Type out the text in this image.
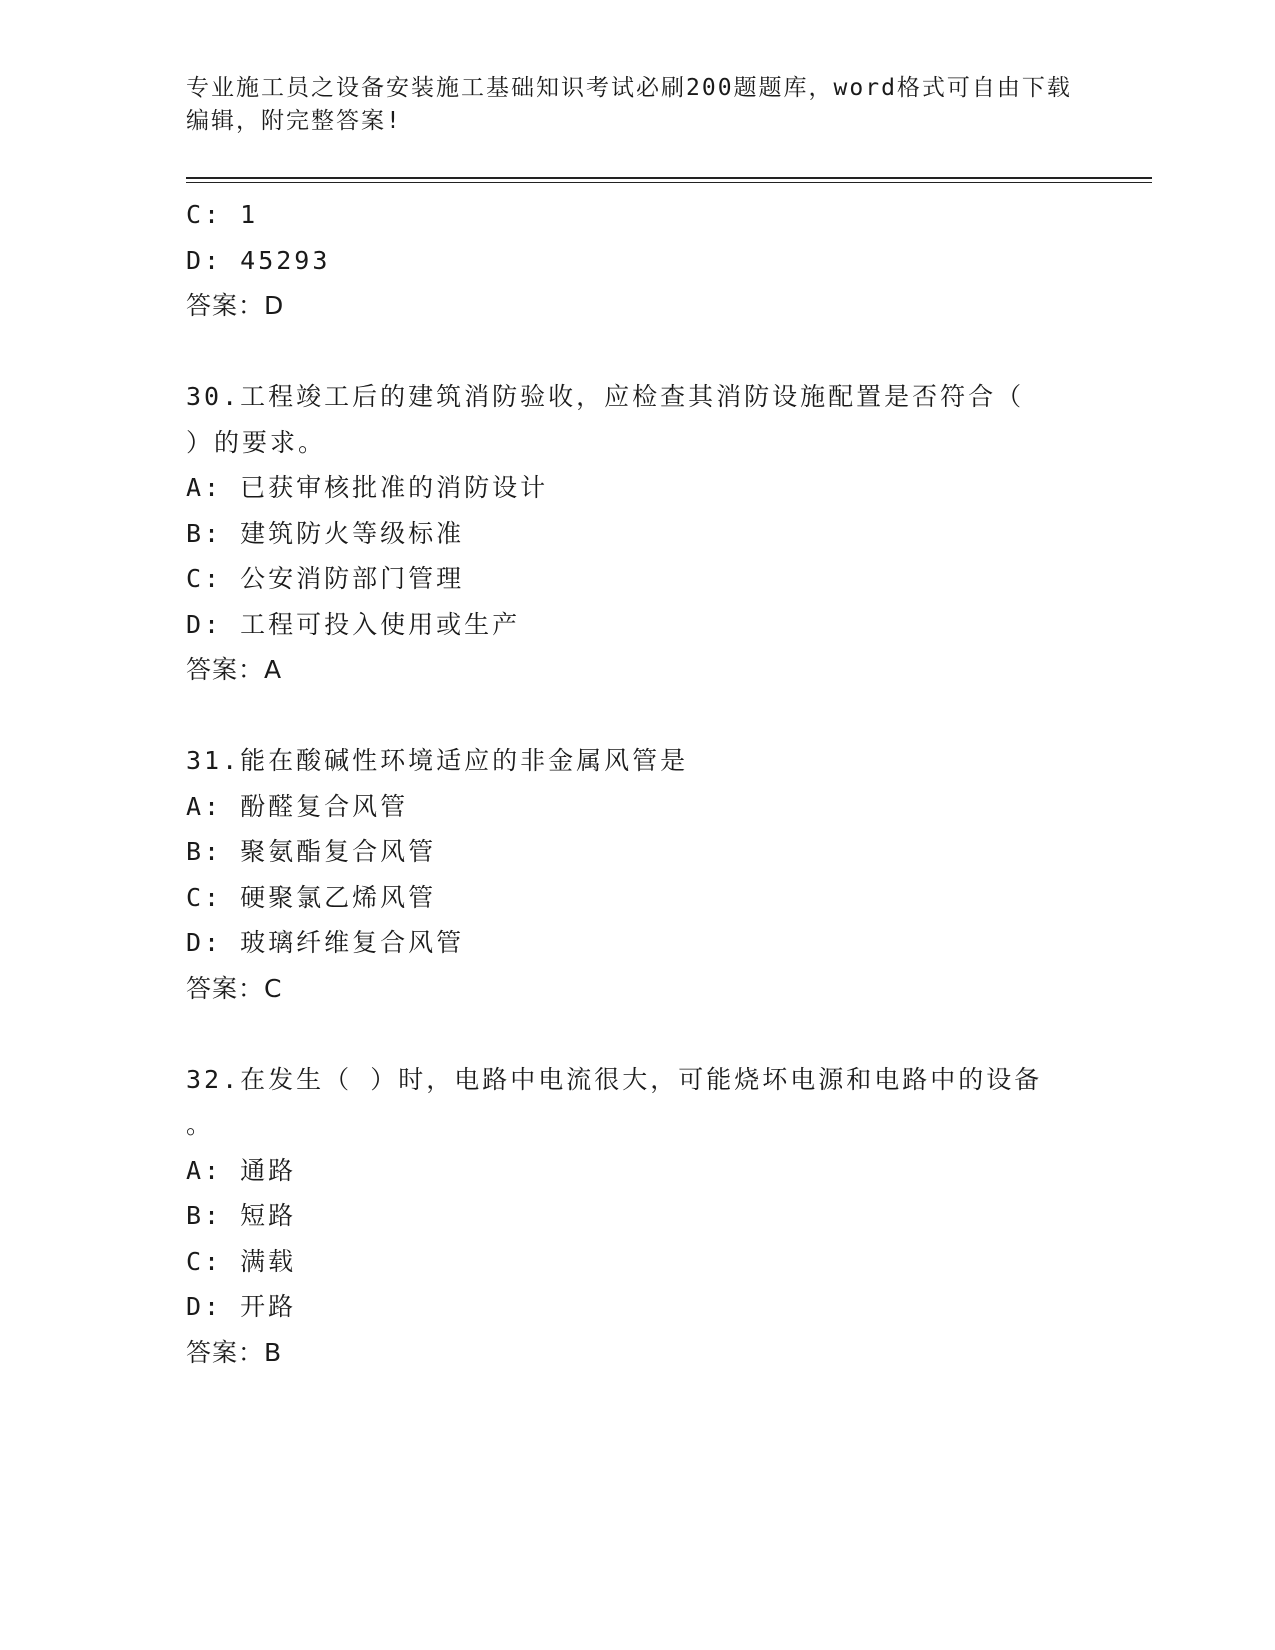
专业施工员之设备安装施工基础知识考试必刷200题题库，word格式可自由下载
编辑，附完整答案!
C: 1
D: 45293
答案：D
30.工程竣工后的建筑消防验收，应检查其消防设施配置是否符合（
）的要求。
A: 已获审核批准的消防设计
B: 建筑防火等级标准
C: 公安消防部门管理
D: 工程可投入使用或生产
答案：A
31.能在酸碱性环境适应的非金属风管是
A: 酚醛复合风管
B: 聚氨酯复合风管
C: 硬聚氯乙烯风管
D: 玻璃纤维复合风管
答案：C
32.在发生（ ）时，电路中电流很大，可能烧坏电源和电路中的设备
。
A: 通路
B: 短路
C: 满载
D: 开路
答案：B
